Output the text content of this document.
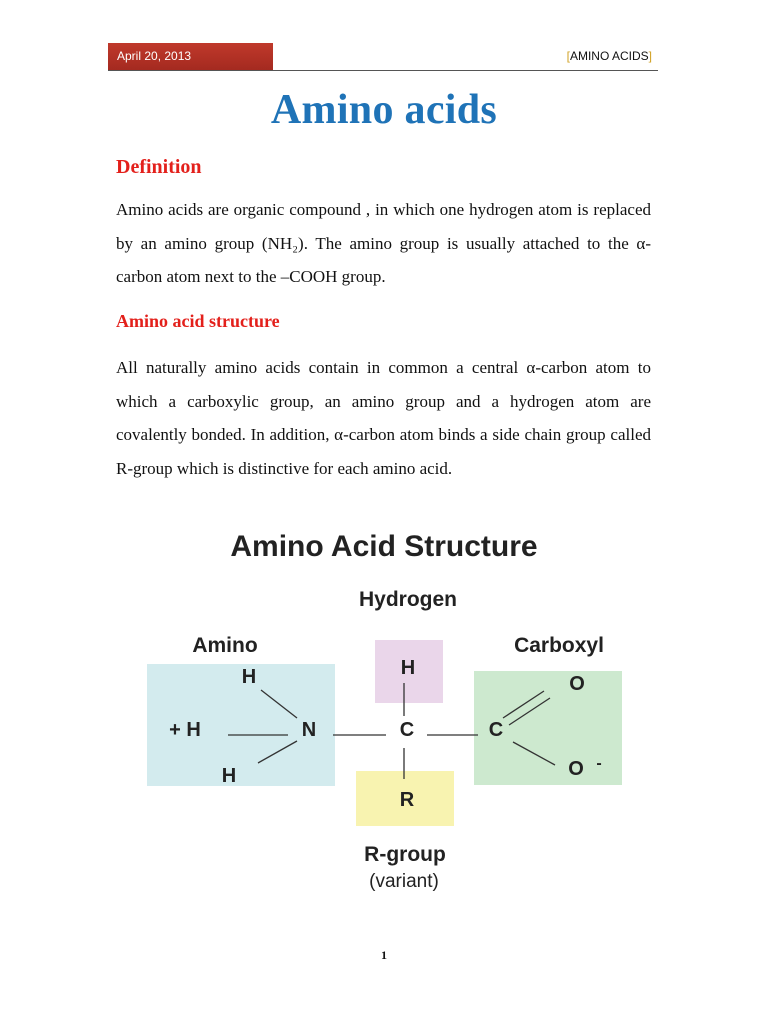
April 20, 2013	[AMINO ACIDS]
Amino acids
Definition

Amino acids are organic compound , in which one hydrogen atom is replaced by an amino group (NH₂). The amino group is usually attached to the α-carbon atom next to the –COOH group.

Amino acid structure

All naturally amino acids contain in common a central α-carbon atom to which a carboxylic group, an amino group and a hydrogen atom are covalently bonded. In addition, α-carbon atom binds a side chain group called R-group which is distinctive for each amino acid.

Amino Acid Structure
Hydrogen
Amino	Carboxyl
R-group
(variant)
H
+ H	N
H
H
C
R
C
O
O -
1
